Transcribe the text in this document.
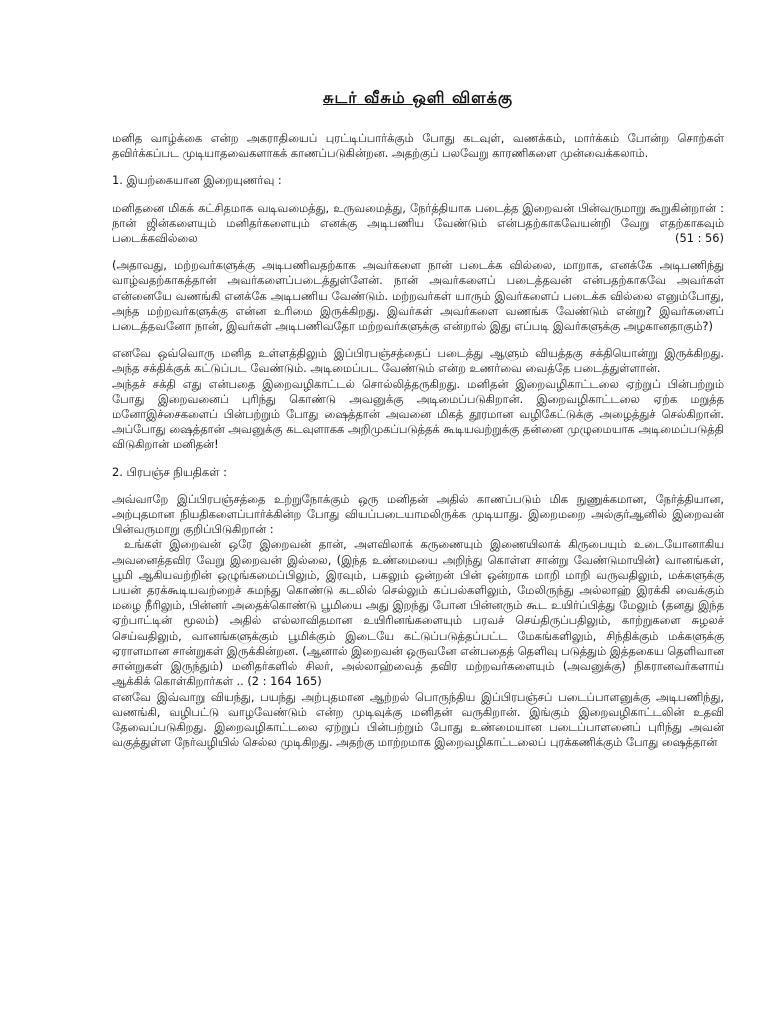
சுடர் வீசும் ஒளி விளக்கு

மனித வாழ்க்கை என்ற அகராதியைப் புரட்டிப்பார்க்கும் போது கடவுள், வணக்கம், மார்க்கம் போன்ற சொற்கள் தவிர்க்கப்பட முடியாதவைகளாகக் காணப்படுகின்றன. அதற்குப் பலவேறு காரணிகளை முன்வைக்கலாம்.

1. இயற்கையான இறையுணர்வு :

மனிதனை மிகக் கட்சிதமாக வடிவமைத்து, உருவமைத்து, நேர்த்தியாக படைத்த இறைவன் பின்வருமாறு கூறுகின்றான் : நான் ஜின்களையும் மனிதர்களையும் எனக்கு அடிபணிய வேண்டும் என்பதற்காகவேயன்றி வேறு எதற்காகவும் படைக்கவில்லை	(51 : 56)

(அதாவது, மற்றவர்களுக்கு அடிபணிவதற்காக அவர்களை நான் படைக்க வில்லை, மாறாக, எனக்கே அடிபணிந்து வாழ்வதற்காகத்தான் அவர்களைப்படைத்துள்ளேன். நான் அவர்களைப் படைத்தவன் என்பதற்காகவே அவர்கள் என்னையே வணங்கி எனக்கே அடிபணிய வேண்டும். மற்றவர்கள் யாரும் இவர்களைப் படைக்க வில்லை எனும்போது, அந்த மற்றவர்களுக்கு என்ன உரிமை இருக்கிறது. இவர்கள் அவர்களை வணங்க வேண்டும் என்று? இவர்களைப் படைத்தவனோ நான், இவர்கள் அடிபணிவதோ மற்றவர்களுக்கு என்றால் இது எப்படி இவர்களுக்கு அழகானதாகும்?)

எனவே ஒவ்வொரு மனித உள்ளத்திலும் இப்பிரபஞ்சத்தைப் படைத்து ஆளும் வியத்தகு சக்தியொன்று இருக்கிறது. அந்த சக்திக்குக் கட்டுப்பட வேண்டும். அடிமைப்பட வேண்டும் என்ற உணர்வை வைத்தே படைத்துள்ளான்.

அந்தச் சக்தி எது என்பதை இறைவழிகாட்டல் சொல்லித்தருகிறது. மனிதன் இறைவழிகாட்டலை ஏற்றுப் பின்பற்றும் போது இறைவனைப் புரிந்து கொண்டு அவனுக்கு அடிமைப்படுகிறான். இறைவழிகாட்டலை ஏற்க மறுத்த மனோஇச்சைகளைப் பின்பற்றும் போது ஷைத்தான் அவனை மிகத் தூரமான வழிகேட்டுக்கு அழைத்துச் செல்கிறான். அப்போது ஷைத்தான் அவனுக்கு கடவுளாகக அறிமுகப்படுத்தக் கூடியவற்றுக்கு தன்னை முழுமையாக அடிமைப்படுத்தி விடுகிறான் மனிதன்!

2. பிரபஞ்ச நியதிகள் :

அவ்வாறே இப்பிரபஞ்சத்தை உற்றுநோக்கும் ஒரு மனிதன் அதில் காணப்படும் மிக நுணுக்கமான, நேர்த்தியான, அற்புதமான நியதிகளைப்பார்க்கின்ற போது வியப்படையாமலிருக்க முடியாது. இறைமறை அல்குர்ஆனில் இறைவன் பின்வருமாறு குறிப்பிடுகிறான் :

உங்கள் இறைவன் ஒரே இறைவன் தான், அளவிலாக் கருணையும் இணையிலாக் கிருபையும் உடையோனாகிய அவனைத்தவிர வேறு இறைவன் இல்லை, (இந்த உண்மையை அறிந்து கொள்ள சான்று வேண்டுமாயின்) வானங்கள், பூமி ஆகியவற்றின் ஒழுங்கமைப்பிலும், இரவும், பகலும் ஒன்றன் பின் ஒன்றாக மாறி மாறி வருவதிலும், மக்களுக்கு பயன் தரக்கூடியவற்றைச் சுமந்து கொண்டு கடலில் செல்லும் கப்பல்களிலும், மேலிருந்து அல்லாஹ் இரக்கி வைக்கும் மழை நீரிலும், பின்னர் அதைக்கொண்டு பூமியை அது இறந்து போன பின்னரும் கூட உயிர்ப்பித்து மேலும் (தனது இந்த ஏற்பாட்டின் மூலம்) அதில் எல்லாவிதமான உயிரினங்களையும் பரவச் செய்திருப்பதிலும், காற்றுகளை சுழலச் செய்வதிலும், வானங்களுக்கும் பூமிக்கும் இடையே கட்டுப்படுத்தப்பட்ட மேகங்களிலும், சிந்திக்கும் மக்களுக்கு ஏராளமான சான்றுகள் இருக்கின்றன. (ஆனால் இறைவன் ஒருவனே என்பதைத் தெளிவு படுத்தும் இத்தகைய தெளிவான சான்றுகள் இருந்தும்) மனிதர்களில் சிலர், அல்லாஹ்வைத் தவிர மற்றவர்களையும் (அவனுக்கு) நிகரானவர்களாய் ஆக்கிக் கொள்கிறார்கள் .. (2 : 164 165)

எனவே இவ்வாறு வியந்து, பயந்து அற்புதமான ஆற்றல் பொருந்திய இப்பிரபஞ்சப் படைப்பாளனுக்கு அடிபணிந்து, வணங்கி, வழிபட்டு வாழவேண்டும் என்ற முடிவுக்கு மனிதன் வருகிறான். இங்கும் இறைவழிகாட்டலின் உதவி தேவைப்படுகிறது. இறைவழிகாட்டலை ஏற்றுப் பின்பற்றும் போது உண்மையான படைப்பாளனைப் புரிந்து அவன் வகுத்துள்ள நேர்வழியில் செல்ல முடிகிறது. அதற்கு மாற்றமாக இறைவழிகாட்டலைப் புரக்கணிக்கும் போது ஷைத்தான்
